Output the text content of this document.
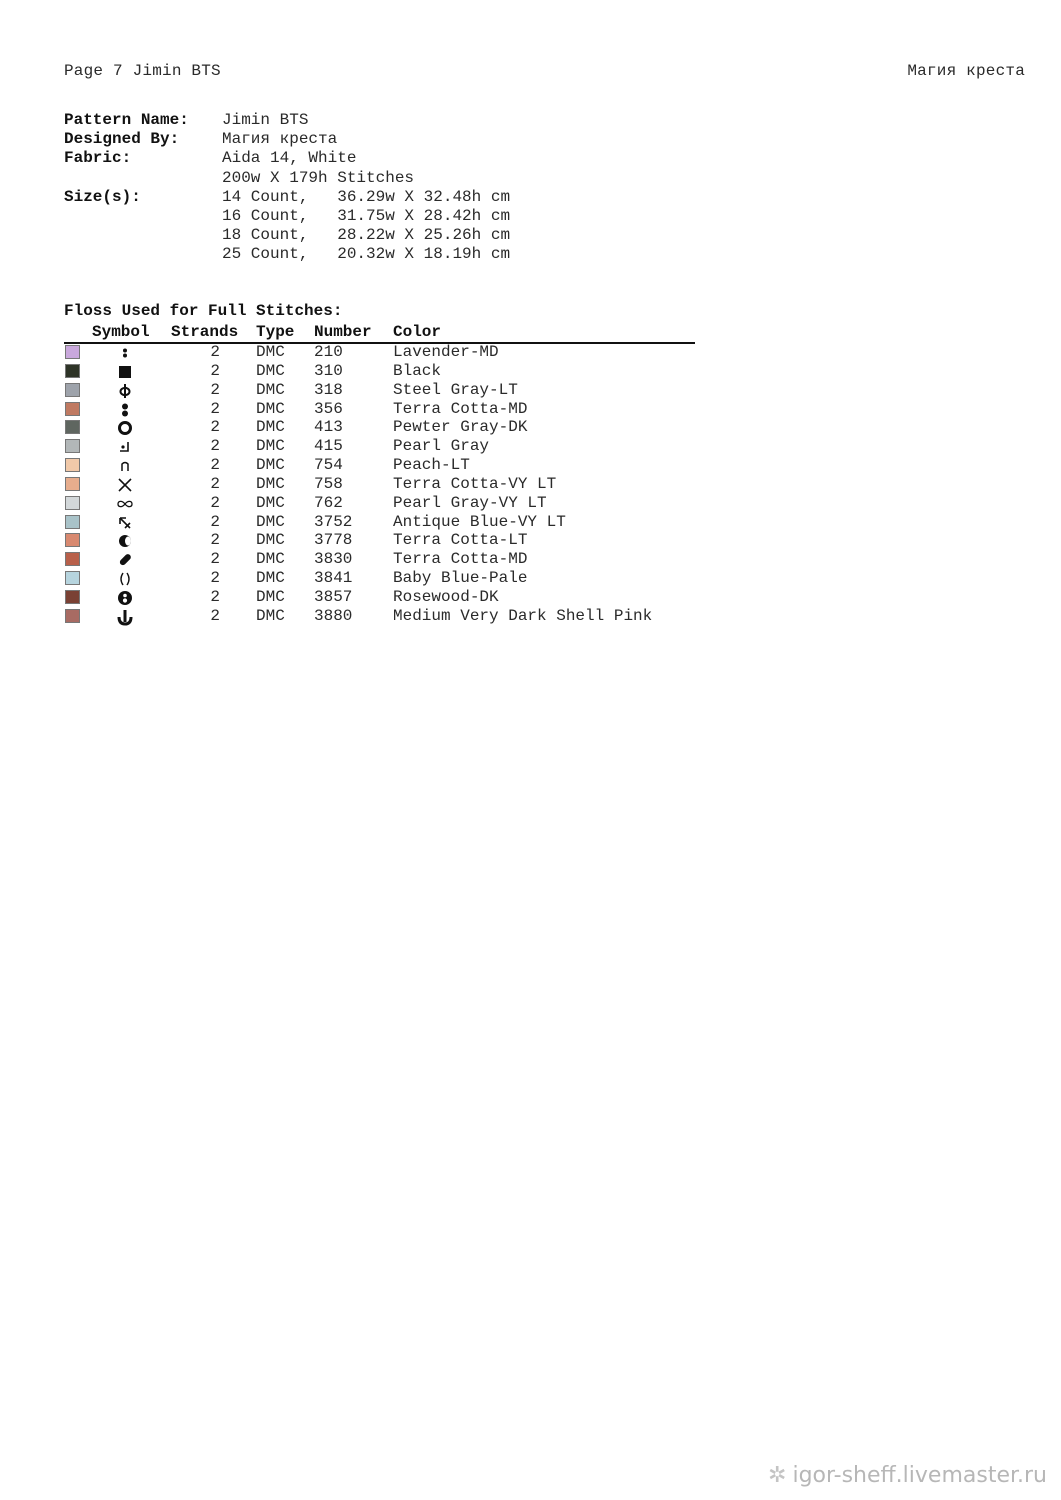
Page 7 Jimin BTS	Магия креста
Pattern Name:	Jimin BTS
Designed By:	Магия креста
Fabric:	Aida 14, White
200w X 179h Stitches
Size(s):	14 Count,   36.29w X 32.48h cm
16 Count,   31.75w X 28.42h cm
18 Count,   28.22w X 25.26h cm
25 Count,   20.32w X 18.19h cm
Floss Used for Full Stitches:
Symbol Strands Type Number Color
2 DMC 210	Lavender-MD
2 DMC 310	Black
2 DMC 318	Steel Gray-LT
2 DMC 356	Terra Cotta-MD
2 DMC 413	Pewter Gray-DK
2 DMC 415	Pearl Gray
2 DMC 754	Peach-LT
2 DMC 758	Terra Cotta-VY LT
2 DMC 762	Pearl Gray-VY LT
2 DMC 3752	Antique Blue-VY LT
2 DMC 3778	Terra Cotta-LT
2 DMC 3830	Terra Cotta-MD
2 DMC 3841	Baby Blue-Pale
2 DMC 3857	Rosewood-DK
2 DMC 3880	Medium Very Dark Shell Pink
✲ igor-sheff.livemaster.ru
